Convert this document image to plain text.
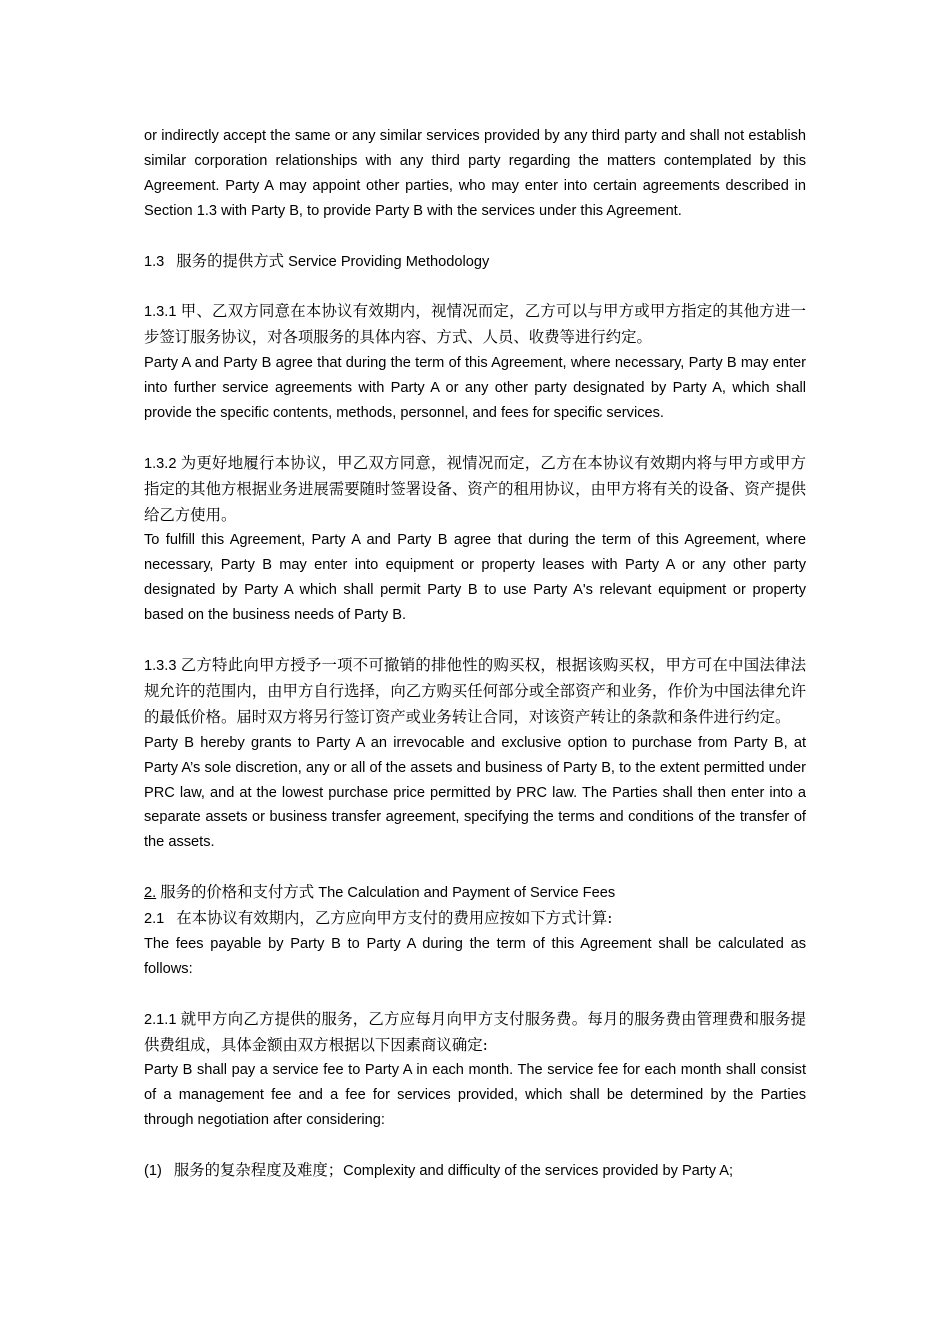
or indirectly accept the same or any similar services provided by any third party and shall not establish similar corporation relationships with any third party regarding the matters contemplated by this Agreement. Party A may appoint other parties, who may enter into certain agreements described in Section 1.3 with Party B, to provide Party B with the services under this Agreement.

1.3 服务的提供方式 Service Providing Methodology

1.3.1 甲、乙双方同意在本协议有效期内，视情况而定，乙方可以与甲方或甲方指定的其他方进一步签订服务协议，对各项服务的具体内容、方式、人员、收费等进行约定。

Party A and Party B agree that during the term of this Agreement, where necessary, Party B may enter into further service agreements with Party A or any other party designated by Party A, which shall provide the specific contents, methods, personnel, and fees for specific services.

1.3.2 为更好地履行本协议，甲乙双方同意，视情况而定，乙方在本协议有效期内将与甲方或甲方指定的其他方根据业务进展需要随时签署设备、资产的租用协议，由甲方将有关的设备、资产提供给乙方使用。

To fulfill this Agreement, Party A and Party B agree that during the term of this Agreement, where necessary, Party B may enter into equipment or property leases with Party A or any other party designated by Party A which shall permit Party B to use Party A's relevant equipment or property based on the business needs of Party B.

1.3.3 乙方特此向甲方授予一项不可撤销的排他性的购买权，根据该购买权，甲方可在中国法律法规允许的范围内，由甲方自行选择，向乙方购买任何部分或全部资产和业务，作价为中国法律允许的最低价格。届时双方将另行签订资产或业务转让合同，对该资产转让的条款和条件进行约定。

Party B hereby grants to Party A an irrevocable and exclusive option to purchase from Party B, at Party A’s sole discretion, any or all of the assets and business of Party B, to the extent permitted under PRC law, and at the lowest purchase price permitted by PRC law. The Parties shall then enter into a separate assets or business transfer agreement, specifying the terms and conditions of the transfer of the assets.

2. 服务的价格和支付方式 The Calculation and Payment of Service Fees

2.1 在本协议有效期内，乙方应向甲方支付的费用应按如下方式计算:

The fees payable by Party B to Party A during the term of this Agreement shall be calculated as follows:

2.1.1 就甲方向乙方提供的服务，乙方应每月向甲方支付服务费。每月的服务费由管理费和服务提供费组成，具体金额由双方根据以下因素商议确定:

Party B shall pay a service fee to Party A in each month. The service fee for each month shall consist of a management fee and a fee for services provided, which shall be determined by the Parties through negotiation after considering:

(1) 服务的复杂程度及难度；Complexity and difficulty of the services provided by Party A;
